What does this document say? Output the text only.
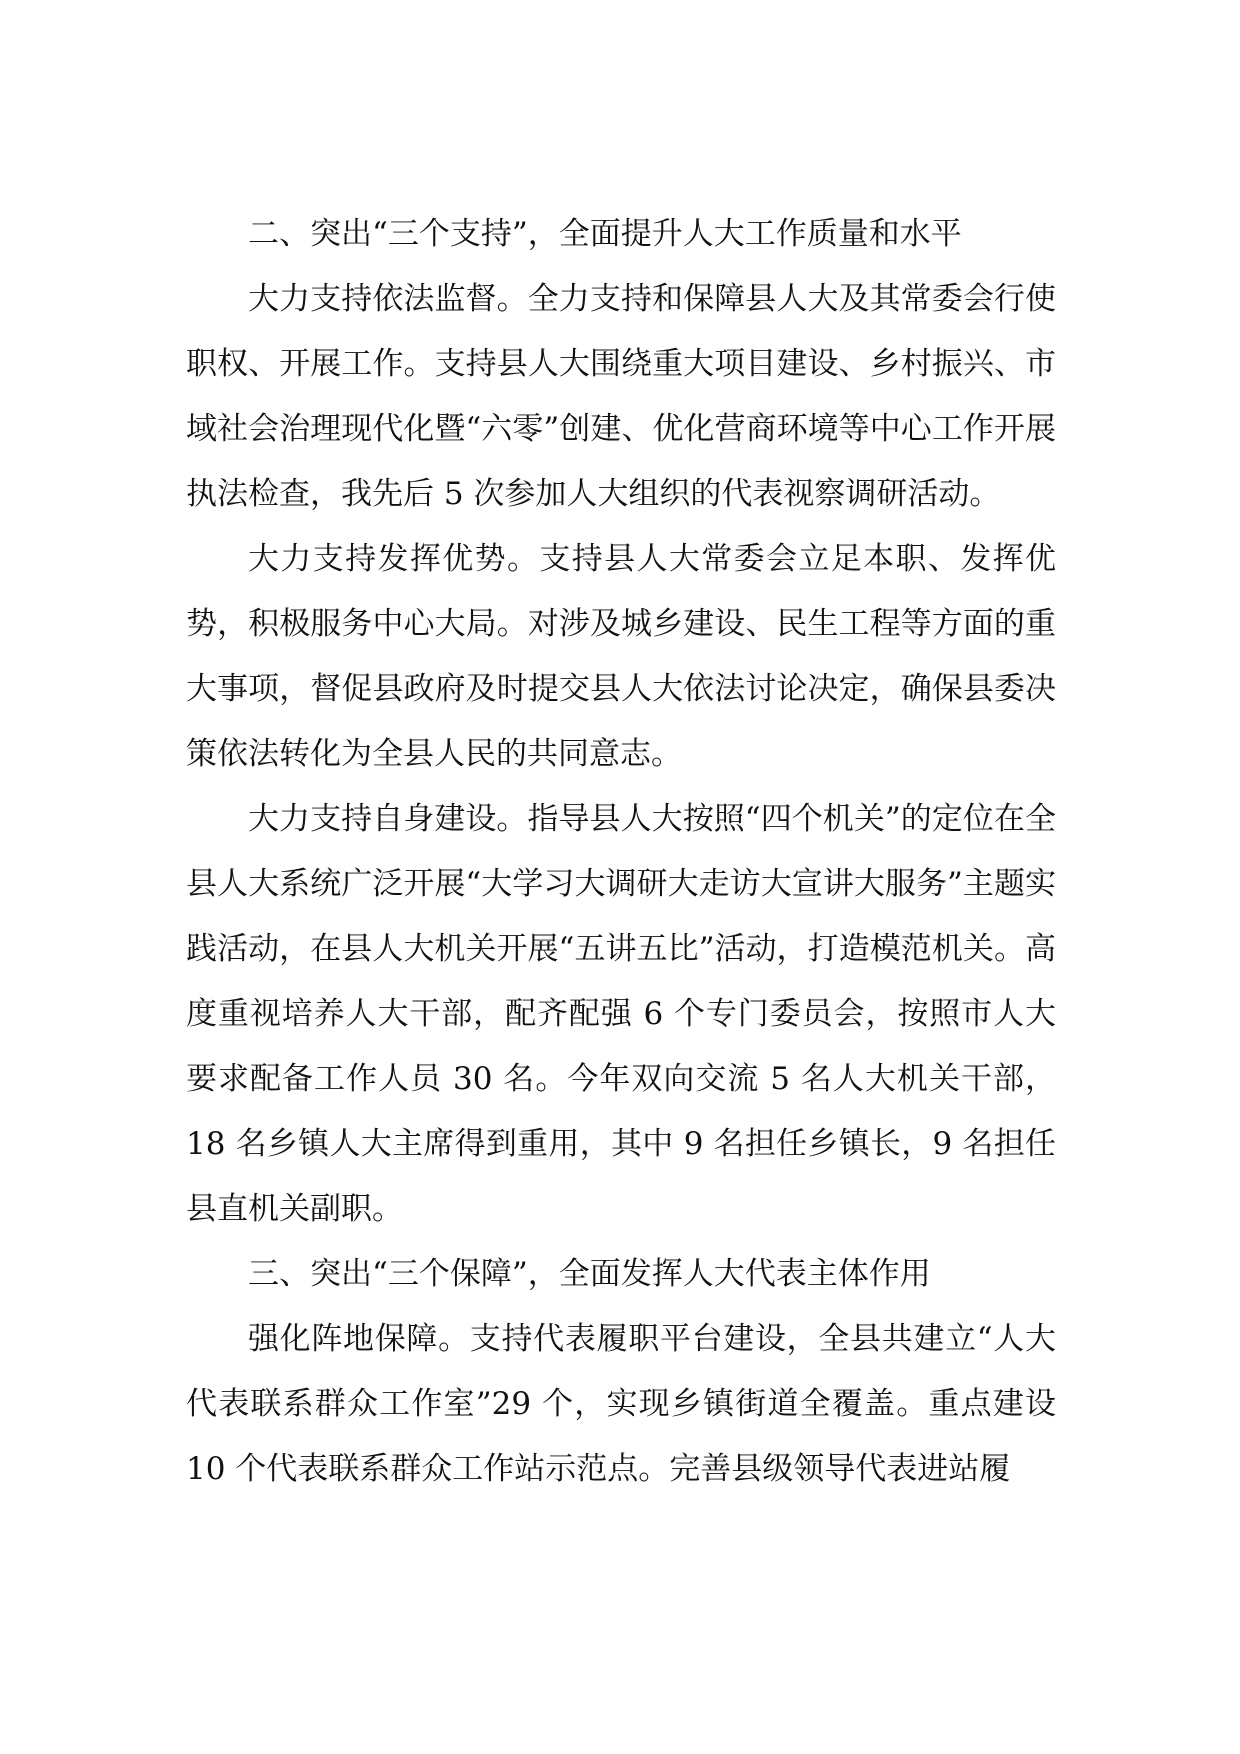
二、突出“三个支持”，全面提升人大工作质量和水平

大力支持依法监督。全力支持和保障县人大及其常委会行使职权、开展工作。支持县人大围绕重大项目建设、乡村振兴、市域社会治理现代化暨“六零”创建、优化营商环境等中心工作开展执法检查，我先后 5 次参加人大组织的代表视察调研活动。

大力支持发挥优势。支持县人大常委会立足本职、发挥优势，积极服务中心大局。对涉及城乡建设、民生工程等方面的重大事项，督促县政府及时提交县人大依法讨论决定，确保县委决策依法转化为全县人民的共同意志。

大力支持自身建设。指导县人大按照“四个机关”的定位在全县人大系统广泛开展“大学习大调研大走访大宣讲大服务”主题实践活动，在县人大机关开展“五讲五比”活动，打造模范机关。高度重视培养人大干部，配齐配强 6 个专门委员会，按照市人大要求配备工作人员 30 名。今年双向交流 5 名人大机关干部，18 名乡镇人大主席得到重用，其中 9 名担任乡镇长，9 名担任县直机关副职。

三、突出“三个保障”，全面发挥人大代表主体作用

强化阵地保障。支持代表履职平台建设，全县共建立“人大代表联系群众工作室”29 个，实现乡镇街道全覆盖。重点建设 10 个代表联系群众工作站示范点。完善县级领导代表进站履
